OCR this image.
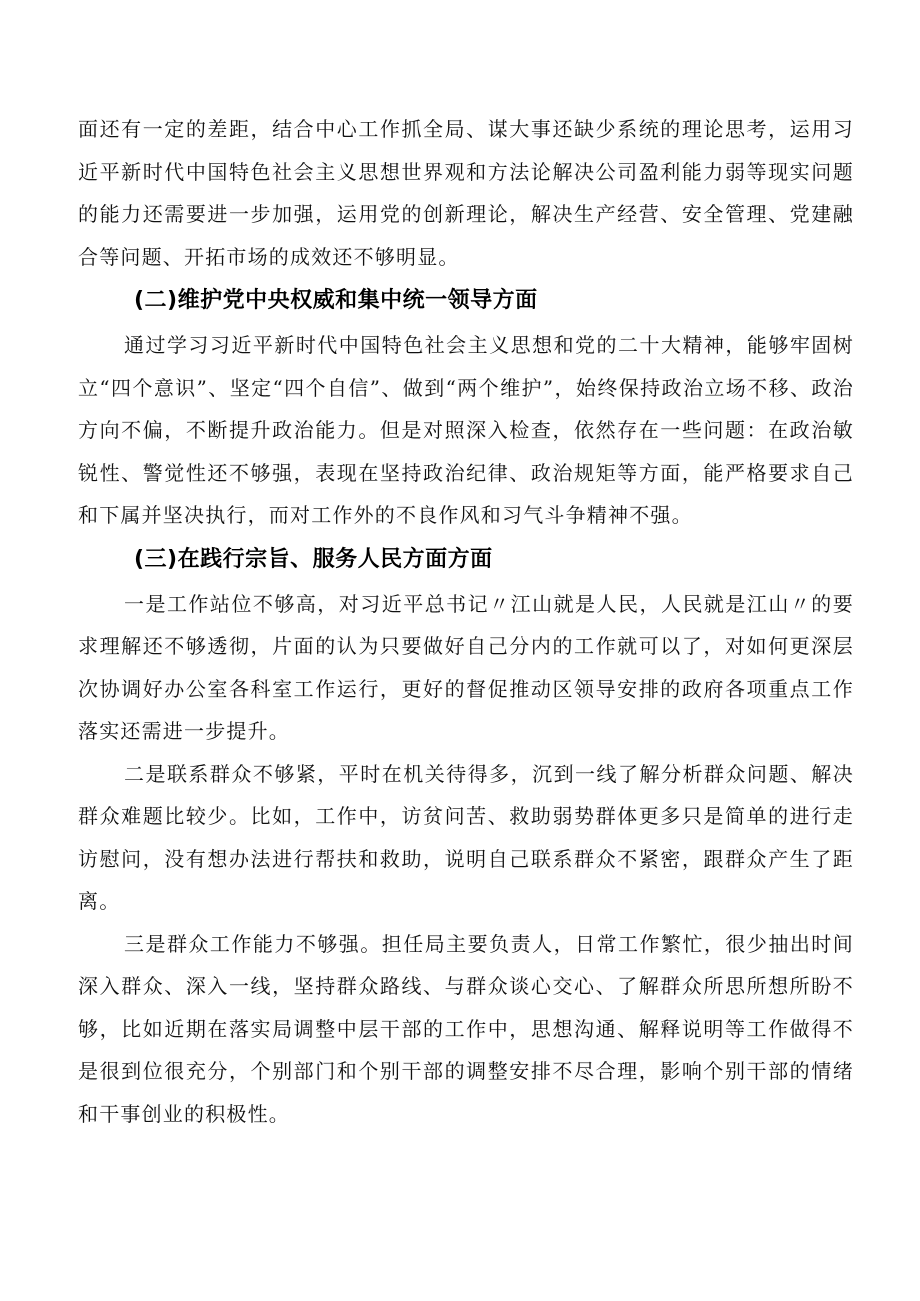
面还有一定的差距，结合中心工作抓全局、谋大事还缺少系统的理论思考，运用习近平新时代中国特色社会主义思想世界观和方法论解决公司盈利能力弱等现实问题的能力还需要进一步加强，运用党的创新理论，解决生产经营、安全管理、党建融合等问题、开拓市场的成效还不够明显。

(二)维护党中央权威和集中统一领导方面

通过学习习近平新时代中国特色社会主义思想和党的二十大精神，能够牢固树立“四个意识”、坚定“四个自信”、做到“两个维护”，始终保持政治立场不移、政治方向不偏，不断提升政治能力。但是对照深入检查，依然存在一些问题：在政治敏锐性、警觉性还不够强，表现在坚持政治纪律、政治规矩等方面，能严格要求自己和下属并坚决执行，而对工作外的不良作风和习气斗争精神不强。

(三)在践行宗旨、服务人民方面方面

一是工作站位不够高，对习近平总书记〃江山就是人民，人民就是江山〃的要求理解还不够透彻，片面的认为只要做好自己分内的工作就可以了，对如何更深层次协调好办公室各科室工作运行，更好的督促推动区领导安排的政府各项重点工作落实还需进一步提升。

二是联系群众不够紧，平时在机关待得多，沉到一线了解分析群众问题、解决群众难题比较少。比如，工作中，访贫问苦、救助弱势群体更多只是简单的进行走访慰问，没有想办法进行帮扶和救助，说明自己联系群众不紧密，跟群众产生了距离。

三是群众工作能力不够强。担任局主要负责人，日常工作繁忙，很少抽出时间深入群众、深入一线，坚持群众路线、与群众谈心交心、了解群众所思所想所盼不够，比如近期在落实局调整中层干部的工作中，思想沟通、解释说明等工作做得不是很到位很充分，个别部门和个别干部的调整安排不尽合理，影响个别干部的情绪和干事创业的积极性。
